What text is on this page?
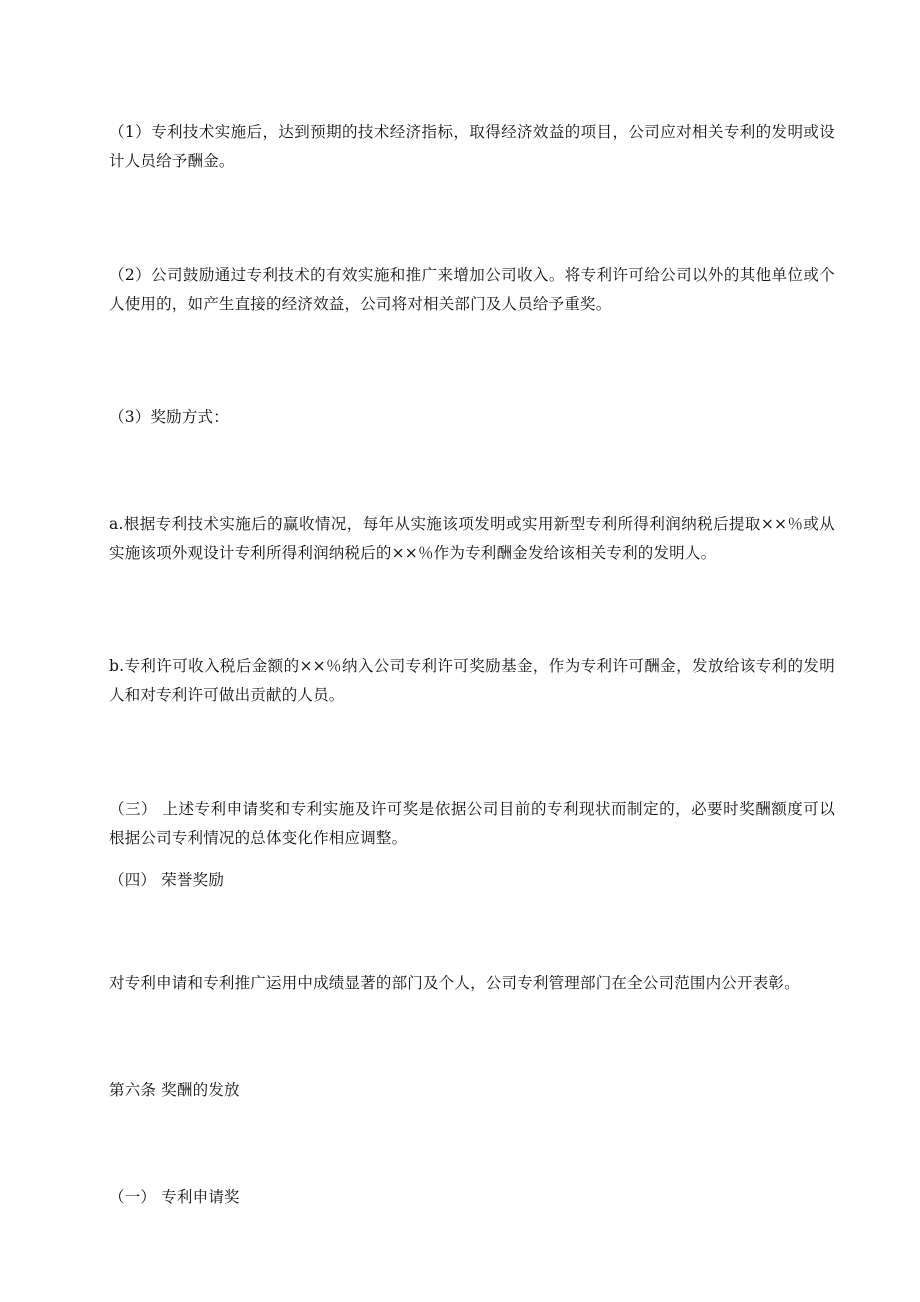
（1）专利技术实施后，达到预期的技术经济指标，取得经济效益的项目，公司应对相关专利的发明或设计人员给予酬金。

（2）公司鼓励通过专利技术的有效实施和推广来增加公司收入。将专利许可给公司以外的其他单位或个人使用的，如产生直接的经济效益，公司将对相关部门及人员给予重奖。

（3）奖励方式：

a.根据专利技术实施后的赢收情况，每年从实施该项发明或实用新型专利所得利润纳税后提取××％或从实施该项外观设计专利所得利润纳税后的××％作为专利酬金发给该相关专利的发明人。

b.专利许可收入税后金额的××％纳入公司专利许可奖励基金，作为专利许可酬金，发放给该专利的发明人和对专利许可做出贡献的人员。

（三） 上述专利申请奖和专利实施及许可奖是依据公司目前的专利现状而制定的，必要时奖酬额度可以根据公司专利情况的总体变化作相应调整。

（四） 荣誉奖励

对专利申请和专利推广运用中成绩显著的部门及个人，公司专利管理部门在全公司范围内公开表彰。

第六条 奖酬的发放

（一） 专利申请奖
